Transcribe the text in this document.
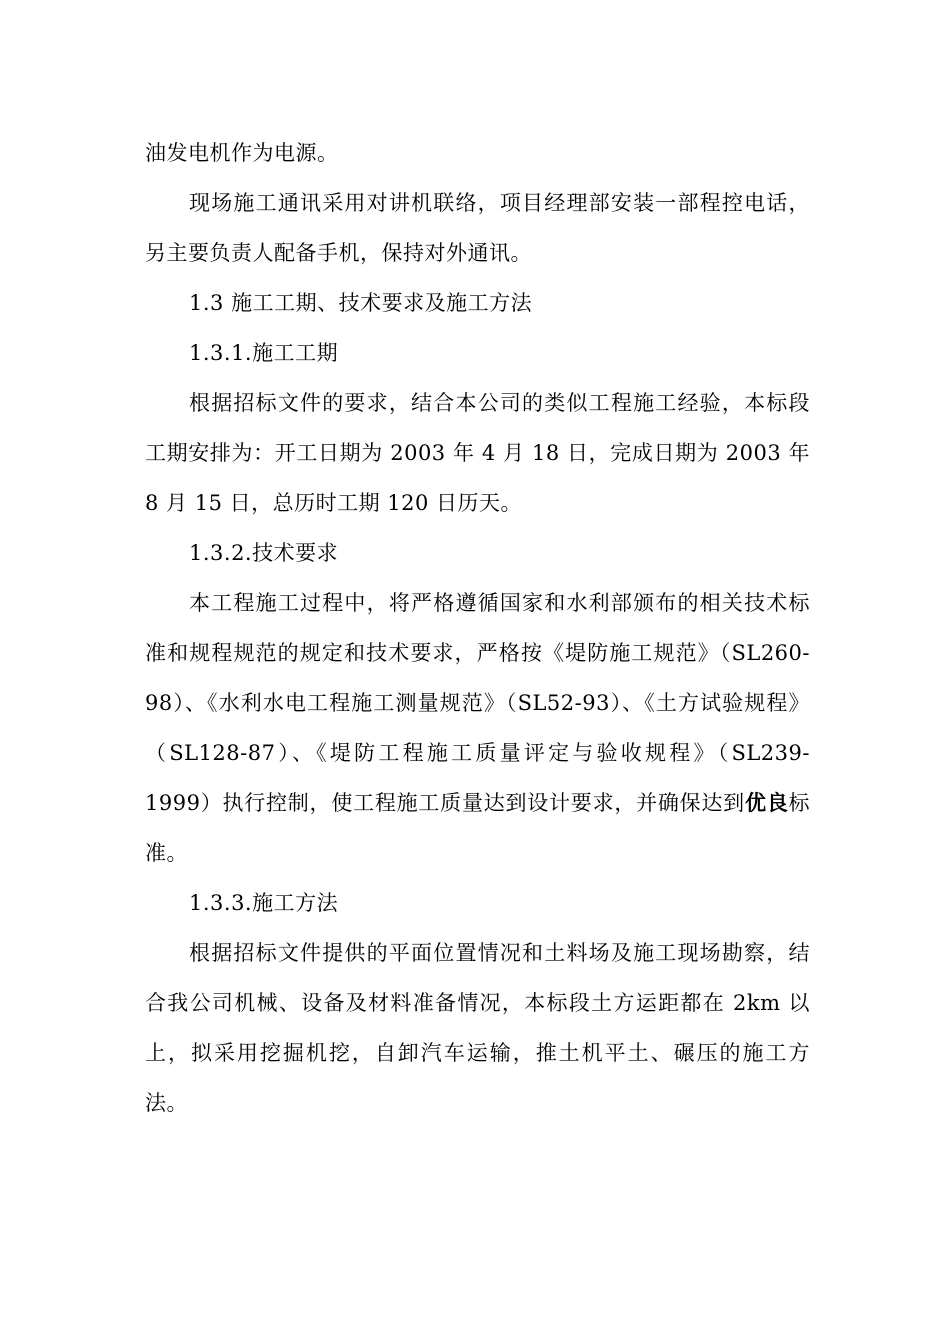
油发电机作为电源。

现场施工通讯采用对讲机联络，项目经理部安装一部程控电话，另主要负责人配备手机，保持对外通讯。

1.3 施工工期、技术要求及施工方法

1.3.1.施工工期

根据招标文件的要求，结合本公司的类似工程施工经验，本标段工期安排为：开工日期为 2003 年 4 月 18 日，完成日期为 2003 年 8 月 15 日，总历时工期 120 日历天。

1.3.2.技术要求

本工程施工过程中，将严格遵循国家和水利部颁布的相关技术标准和规程规范的规定和技术要求，严格按《堤防施工规范》（SL260-98）、《水利水电工程施工测量规范》（SL52-93）、《土方试验规程》（SL128-87）、《堤防工程施工质量评定与验收规程》（SL239-1999）执行控制，使工程施工质量达到设计要求，并确保达到优良标准。

1.3.3.施工方法

根据招标文件提供的平面位置情况和土料场及施工现场勘察，结合我公司机械、设备及材料准备情况，本标段土方运距都在 2km 以上，拟采用挖掘机挖，自卸汽车运输，推土机平土、碾压的施工方法。
